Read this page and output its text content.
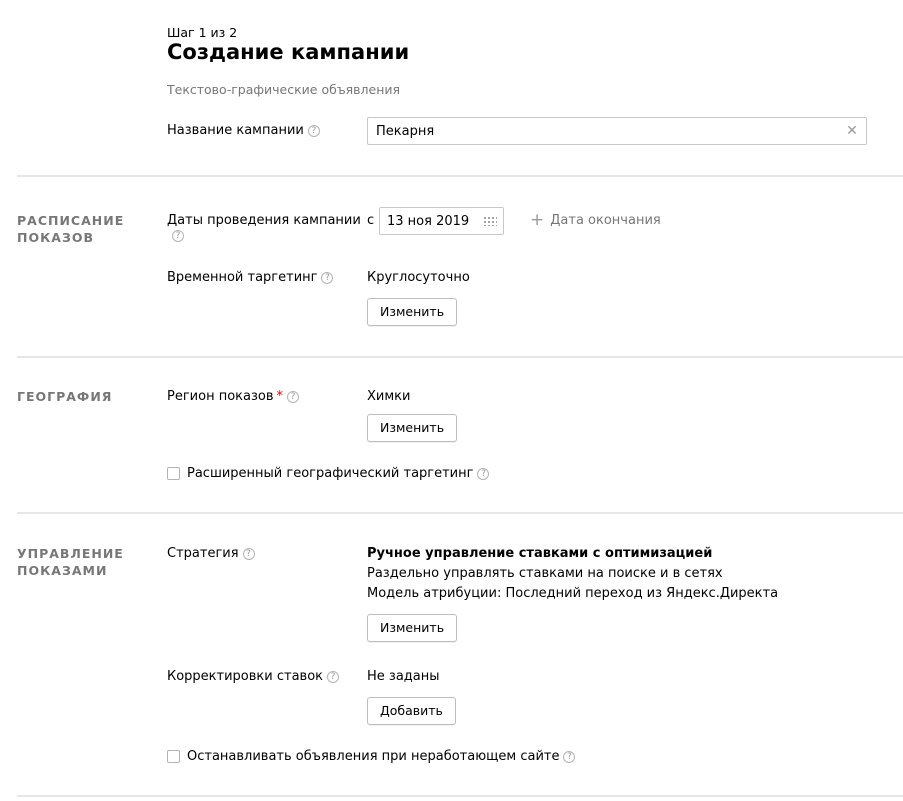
Шаг 1 из 2
Создание кампании
Текстово-графические объявления
Название кампании ?	Пекарня	✕
РАСПИСАНИЕ
ПОКАЗОВ
Даты проведения кампании
?
с 13 ноя 2019	+ Дата окончания
Временной таргетинг ?	Круглосуточно
Изменить
ГЕОГРАФИЯ	Регион показов * ?	Химки
Изменить
Расширенный географический таргетинг ?
УПРАВЛЕНИЕ
ПОКАЗАМИ
Стратегия ?	Ручное управление ставками с оптимизацией
Раздельно управлять ставками на поиске и в сетях
Модель атрибуции: Последний переход из Яндекс.Директа
Изменить
Корректировки ставок ? Не заданы
Добавить
Останавливать объявления при неработающем сайте ?
